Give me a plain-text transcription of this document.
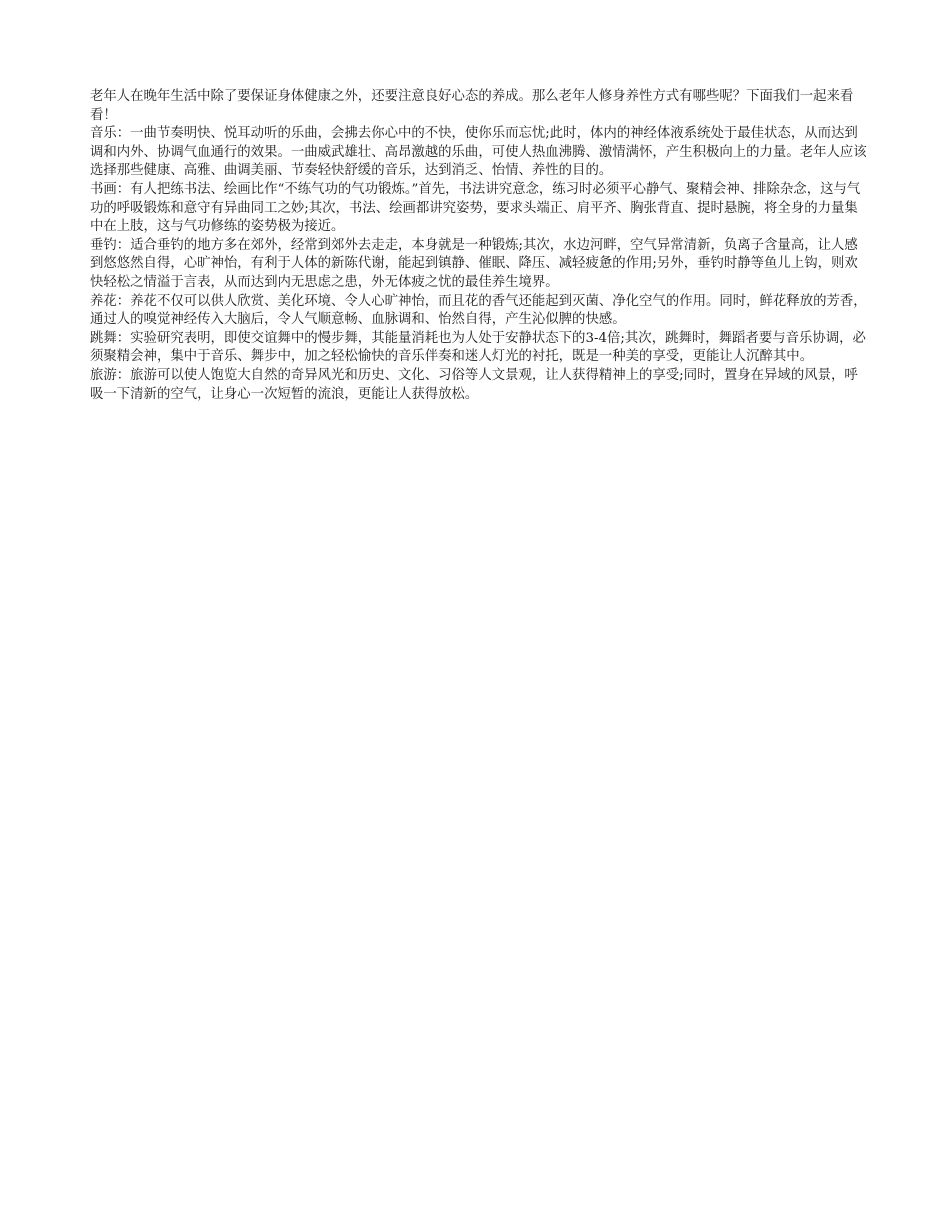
老年人在晚年生活中除了要保证身体健康之外，还要注意良好心态的养成。那么老年人修身养性方式有哪些呢？下面我们一起来看看！

音乐：一曲节奏明快、悦耳动听的乐曲，会拂去你心中的不快，使你乐而忘忧;此时，体内的神经体液系统处于最佳状态，从而达到调和内外、协调气血通行的效果。一曲威武雄壮、高昂激越的乐曲，可使人热血沸腾、激情满怀，产生积极向上的力量。老年人应该选择那些健康、高雅、曲调美丽、节奏轻快舒缓的音乐，达到消乏、怡情、养性的目的。

书画：有人把练书法、绘画比作“不练气功的气功锻炼。”首先，书法讲究意念，练习时必须平心静气、聚精会神、排除杂念，这与气功的呼吸锻炼和意守有异曲同工之妙;其次，书法、绘画都讲究姿势，要求头端正、肩平齐、胸张背直、提时悬腕，将全身的力量集中在上肢，这与气功修练的姿势极为接近。

垂钓：适合垂钓的地方多在郊外，经常到郊外去走走，本身就是一种锻炼;其次，水边河畔，空气异常清新，负离子含量高，让人感到悠悠然自得，心旷神怡，有利于人体的新陈代谢，能起到镇静、催眠、降压、减轻疲惫的作用;另外，垂钓时静等鱼儿上钩，则欢快轻松之情溢于言表，从而达到内无思虑之患，外无体疲之忧的最佳养生境界。

养花：养花不仅可以供人欣赏、美化环境、令人心旷神怡，而且花的香气还能起到灭菌、净化空气的作用。同时，鲜花释放的芳香，通过人的嗅觉神经传入大脑后，令人气顺意畅、血脉调和、怡然自得，产生沁似脾的快感。

跳舞：实验研究表明，即使交谊舞中的慢步舞，其能量消耗也为人处于安静状态下的3-4倍;其次，跳舞时，舞蹈者要与音乐协调，必须聚精会神，集中于音乐、舞步中，加之轻松愉快的音乐伴奏和迷人灯光的衬托，既是一种美的享受，更能让人沉醉其中。

旅游：旅游可以使人饱览大自然的奇异风光和历史、文化、习俗等人文景观，让人获得精神上的享受;同时，置身在异域的风景，呼吸一下清新的空气，让身心一次短暂的流浪，更能让人获得放松。
